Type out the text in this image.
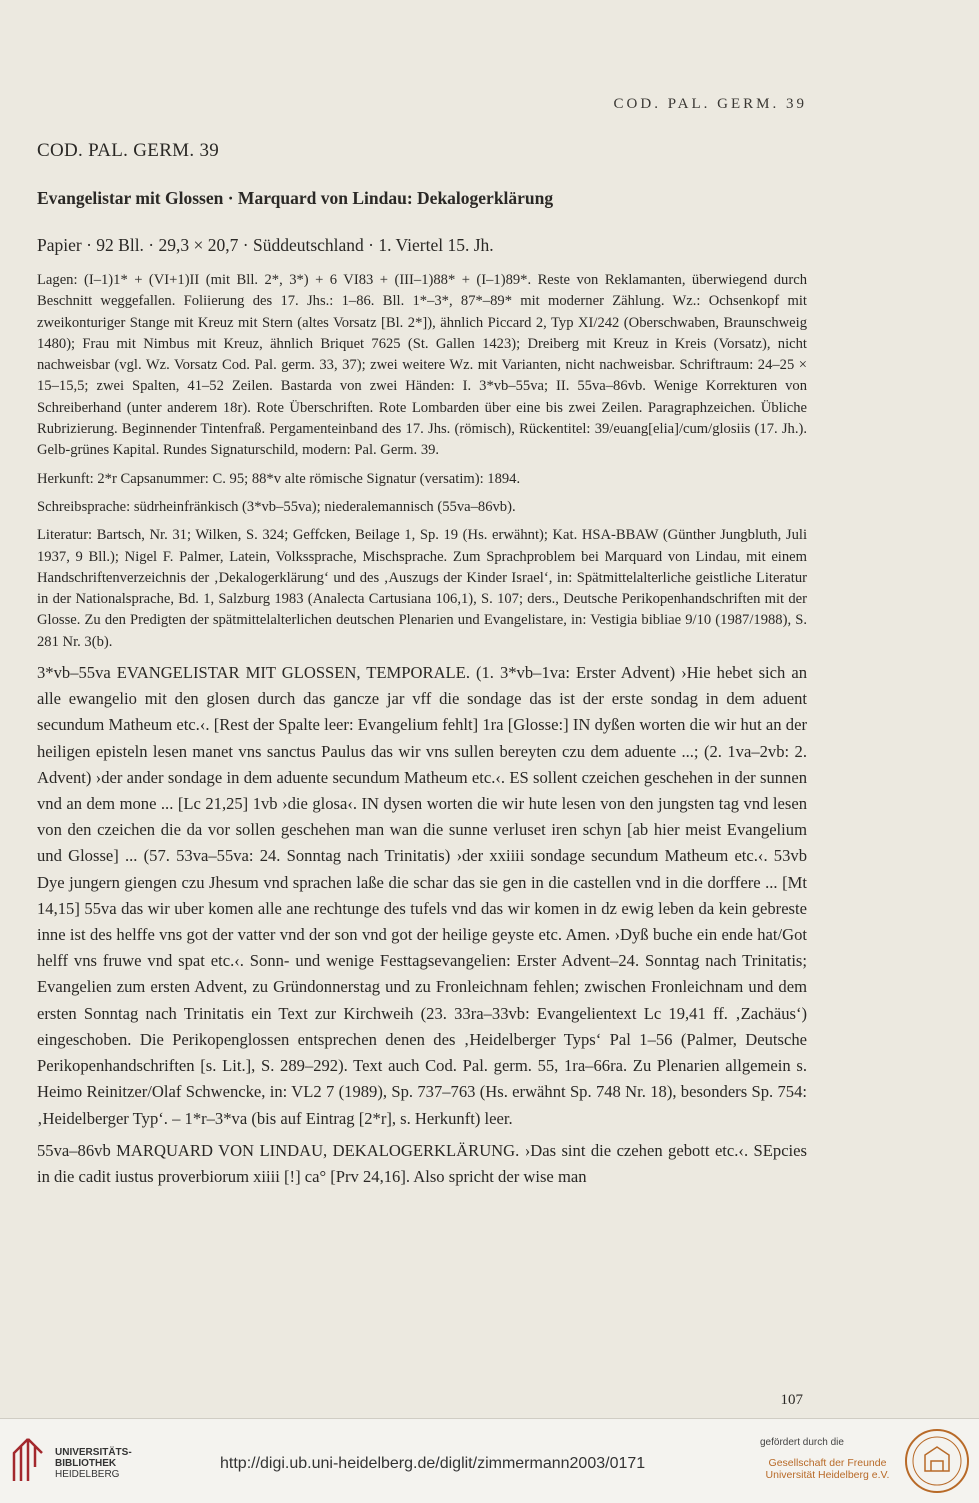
COD. PAL. GERM. 39
COD. PAL. GERM. 39
Evangelistar mit Glossen · Marquard von Lindau: Dekalogerklärung
Papier · 92 Bll. · 29,3 × 20,7 · Süddeutschland · 1. Viertel 15. Jh.

Lagen: (I–1)1* + (VI+1)II (mit Bll. 2*, 3*) + 6 VI83 + (III–1)88* + (I–1)89*. Reste von Reklamanten, überwiegend durch Beschnitt weggefallen. Foliierung des 17. Jhs.: 1–86. Bll. 1*–3*, 87*–89* mit moderner Zählung. Wz.: Ochsenkopf mit zweikonturiger Stange mit Kreuz mit Stern (altes Vorsatz [Bl. 2*]), ähnlich Piccard 2, Typ XI/242 (Oberschwaben, Braunschweig 1480); Frau mit Nimbus mit Kreuz, ähnlich Briquet 7625 (St. Gallen 1423); Dreiberg mit Kreuz in Kreis (Vorsatz), nicht nachweisbar (vgl. Wz. Vorsatz Cod. Pal. germ. 33, 37); zwei weitere Wz. mit Varianten, nicht nachweisbar. Schriftraum: 24–25 × 15–15,5; zwei Spalten, 41–52 Zeilen. Bastarda von zwei Händen: I. 3*vb–55va; II. 55va–86vb. Wenige Korrekturen von Schreiberhand (unter anderem 18r). Rote Überschriften. Rote Lombarden über eine bis zwei Zeilen. Paragraphzeichen. Übliche Rubrizierung. Beginnender Tintenfraß. Pergamenteinband des 17. Jhs. (römisch), Rückentitel: 39/euang[elia]/cum/glosiis (17. Jh.). Gelb-grünes Kapital. Rundes Signaturschild, modern: Pal. Germ. 39.

Herkunft: 2*r Capsanummer: C. 95; 88*v alte römische Signatur (versatim): 1894.

Schreibsprache: südrheinfränkisch (3*vb–55va); niederalemannisch (55va–86vb).

Literatur: Bartsch, Nr. 31; Wilken, S. 324; Geffcken, Beilage 1, Sp. 19 (Hs. erwähnt); Kat. HSA-BBAW (Günther Jungbluth, Juli 1937, 9 Bll.); Nigel F. Palmer, Latein, Volkssprache, Mischsprache. Zum Sprachproblem bei Marquard von Lindau, mit einem Handschriftenverzeichnis der ‚Dekalogerklärung‘ und des ‚Auszugs der Kinder Israel‘, in: Spätmittelalterliche geistliche Literatur in der Nationalsprache, Bd. 1, Salzburg 1983 (Analecta Cartusiana 106,1), S. 107; ders., Deutsche Perikopenhandschriften mit der Glosse. Zu den Predigten der spätmittelalterlichen deutschen Plenarien und Evangelistare, in: Vestigia bibliae 9/10 (1987/1988), S. 281 Nr. 3(b).

3*vb–55va EVANGELISTAR MIT GLOSSEN, TEMPORALE. (1. 3*vb–1va: Erster Advent) ›Hie hebet sich an alle ewangelio mit den glosen durch das gancze jar vff die sondage das ist der erste sondag in dem aduent secundum Matheum etc.‹. [Rest der Spalte leer: Evangelium fehlt] 1ra [Glosse:] IN dyßen worten die wir hut an der heiligen episteln lesen manet vns sanctus Paulus das wir vns sullen bereyten czu dem aduente ...; (2. 1va–2vb: 2. Advent) ›der ander sondage in dem aduente secundum Matheum etc.‹. ES sollent czeichen geschehen in der sunnen vnd an dem mone ... [Lc 21,25] 1vb ›die glosa‹. IN dysen worten die wir hute lesen von den jungsten tag vnd lesen von den czeichen die da vor sollen geschehen man wan die sunne verluset iren schyn [ab hier meist Evangelium und Glosse] ... (57. 53va–55va: 24. Sonntag nach Trinitatis) ›der xxiiii sondage secundum Matheum etc.‹. 53vb Dye jungern giengen czu Jhesum vnd sprachen laße die schar das sie gen in die castellen vnd in die dorffere ... [Mt 14,15] 55va das wir uber komen alle ane rechtunge des tufels vnd das wir komen in dz ewig leben da kein gebreste inne ist des helffe vns got der vatter vnd der son vnd got der heilige geyste etc. Amen. ›Dyß buche ein ende hat/Got helff vns fruwe vnd spat etc.‹. Sonn- und wenige Festtagsevangelien: Erster Advent–24. Sonntag nach Trinitatis; Evangelien zum ersten Advent, zu Gründonnerstag und zu Fronleichnam fehlen; zwischen Fronleichnam und dem ersten Sonntag nach Trinitatis ein Text zur Kirchweih (23. 33ra–33vb: Evangelientext Lc 19,41 ff. ‚Zachäus‘) eingeschoben. Die Perikopenglossen entsprechen denen des ‚Heidelberger Typs‘ Pal 1–56 (Palmer, Deutsche Perikopenhandschriften [s. Lit.], S. 289–292). Text auch Cod. Pal. germ. 55, 1ra–66ra. Zu Plenarien allgemein s. Heimo Reinitzer/Olaf Schwencke, in: VL2 7 (1989), Sp. 737–763 (Hs. erwähnt Sp. 748 Nr. 18), besonders Sp. 754: ‚Heidelberger Typ‘. – 1*r–3*va (bis auf Eintrag [2*r], s. Herkunft) leer.

55va–86vb MARQUARD VON LINDAU, DEKALOGERKLÄRUNG. ›Das sint die czehen gebott etc.‹. SEpcies in die cadit iustus proverbiorum xiiii [!] ca° [Prv 24,16]. Also spricht der wise man

107
UNIVERSITÄTS-
BIBLIOTHEK
HEIDELBERG
http://digi.ub.uni-heidelberg.de/diglit/zimmermann2003/0171
gefördert durch die
Gesellschaft der Freunde
Universität Heidelberg e.V.
